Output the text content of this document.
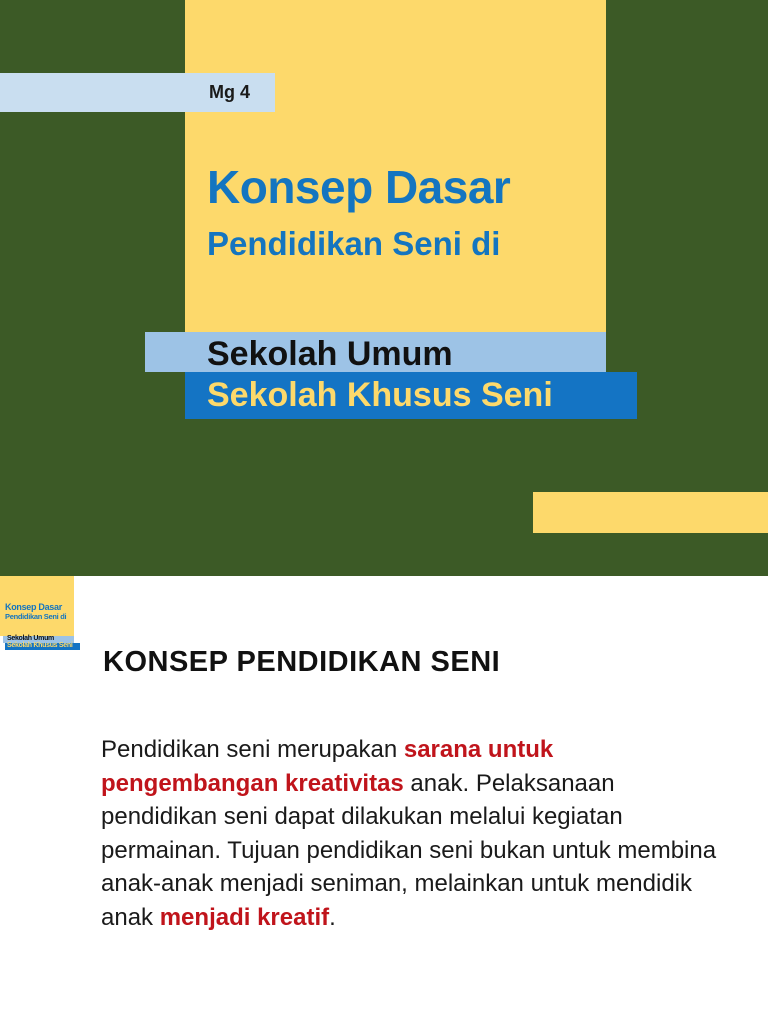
Mg 4
Konsep Dasar
Pendidikan Seni di
Sekolah Umum
Sekolah Khusus Seni
Konsep Dasar
Pendidikan Seni di
Sekolah Umum
Sekolah Khusus Seni
KONSEP PENDIDIKAN SENI

Pendidikan seni merupakan sarana untuk pengembangan kreativitas anak. Pelaksanaan pendidikan seni dapat dilakukan melalui kegiatan permainan. Tujuan pendidikan seni bukan untuk membina anak-anak menjadi seniman, melainkan untuk mendidik anak menjadi kreatif.
